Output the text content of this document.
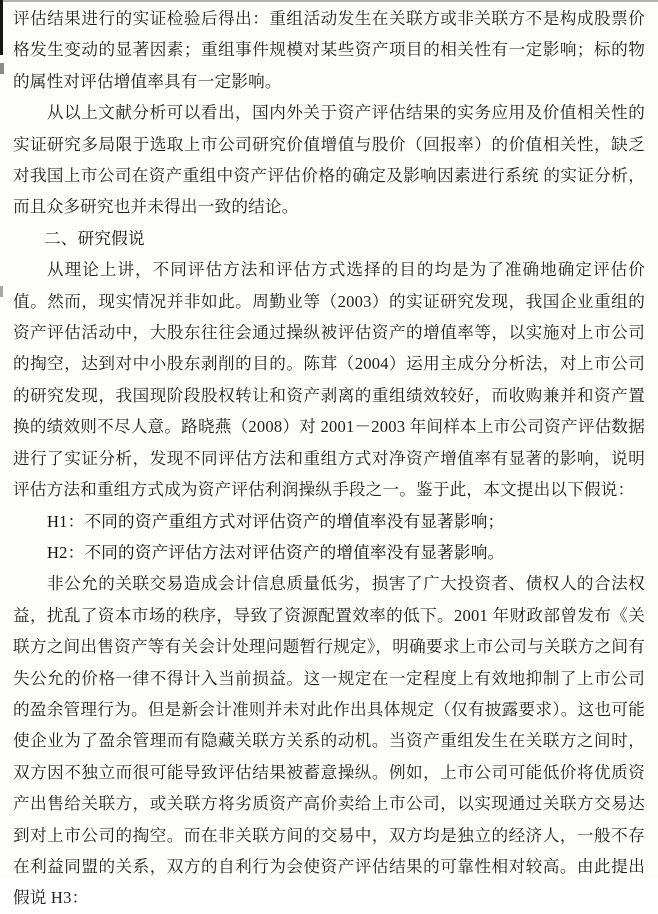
评估结果进行的实证检验后得出：重组活动发生在关联方或非关联方不是构成股票价格发生变动的显著因素；重组事件规模对某些资产项目的相关性有一定影响；标的物的属性对评估增值率具有一定影响。

从以上文献分析可以看出，国内外关于资产评估结果的实务应用及价值相关性的实证研究多局限于选取上市公司研究价值增值与股价（回报率）的价值相关性，缺乏对我国上市公司在资产重组中资产评估价格的确定及影响因素进行系统 的实证分析，而且众多研究也并未得出一致的结论。

二、研究假说

从理论上讲，不同评估方法和评估方式选择的目的均是为了准确地确定评估价值。然而，现实情况并非如此。周勤业等（2003）的实证研究发现，我国企业重组的资产评估活动中，大股东往往会通过操纵被评估资产的增值率等，以实施对上市公司的掏空，达到对中小股东剥削的目的。陈茸（2004）运用主成分分析法，对上市公司的研究发现，我国现阶段股权转让和资产剥离的重组绩效较好，而收购兼并和资产置换的绩效则不尽人意。路晓燕（2008）对 2001－2003 年间样本上市公司资产评估数据进行了实证分析，发现不同评估方法和重组方式对净资产增值率有显著的影响，说明评估方法和重组方式成为资产评估利润操纵手段之一。鉴于此，本文提出以下假说：

H1：不同的资产重组方式对评估资产的增值率没有显著影响；

H2：不同的资产评估方法对评估资产的增值率没有显著影响。

非公允的关联交易造成会计信息质量低劣，损害了广大投资者、债权人的合法权益，扰乱了资本市场的秩序，导致了资源配置效率的低下。2001 年财政部曾发布《关联方之间出售资产等有关会计处理问题暂行规定》，明确要求上市公司与关联方之间有失公允的价格一律不得计入当前损益。这一规定在一定程度上有效地抑制了上市公司的盈余管理行为。但是新会计准则并未对此作出具体规定（仅有披露要求）。这也可能使企业为了盈余管理而有隐藏关联方关系的动机。当资产重组发生在关联方之间时，双方因不独立而很可能导致评估结果被蓄意操纵。例如，上市公司可能低价将优质资产出售给关联方，或关联方将劣质资产高价卖给上市公司，以实现通过关联方交易达到对上市公司的掏空。而在非关联方间的交易中，双方均是独立的经济人，一般不存在利益同盟的关系，双方的自利行为会使资产评估结果的可靠性相对较高。由此提出假说 H3：
